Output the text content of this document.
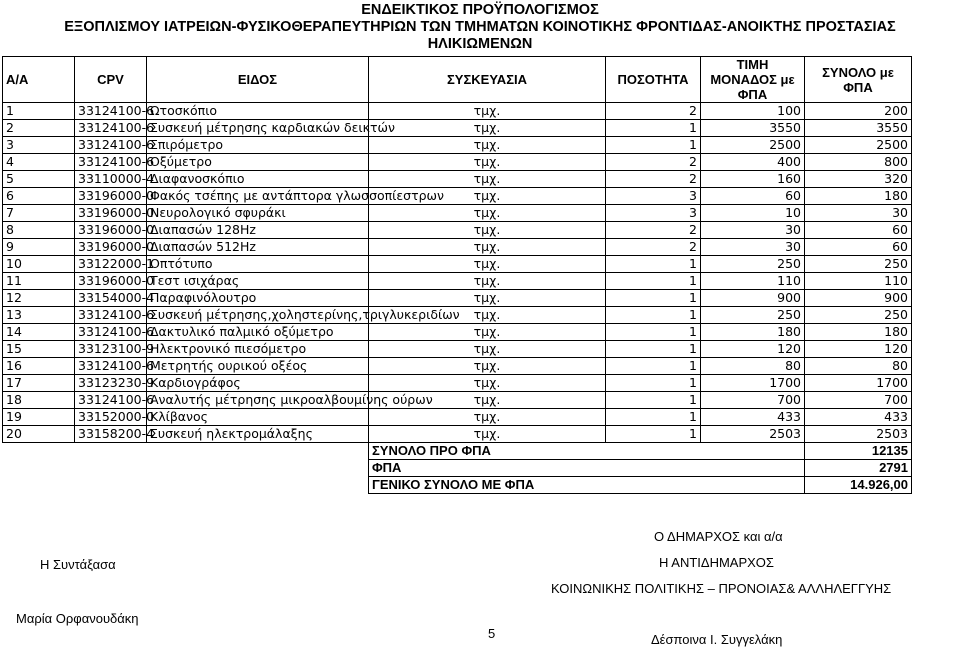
ΕΝΔΕΙΚΤΙΚΟΣ ΠΡΟΫΠΟΛΟΓΙΣΜΟΣ
ΕΞΟΠΛΙΣΜΟΥ ΙΑΤΡΕΙΩΝ-ΦΥΣΙΚΟΘΕΡΑΠΕΥΤΗΡΙΩΝ ΤΩΝ ΤΜΗΜΑΤΩΝ ΚΟΙΝΟΤΙΚΗΣ ΦΡΟΝΤΙΔΑΣ-ΑΝΟΙΚΤΗΣ ΠΡΟΣΤΑΣΙΑΣ
ΗΛΙΚΙΩΜΕΝΩΝ
Α/Α	CPV	ΕΙΔΟΣ	ΣΥΣΚΕΥΑΣΙΑ	ΠΟΣΟΤΗΤΑ	ΤΙΜΗ ΜΟΝΑΔΟΣ με ΦΠΑ	ΣΥΝΟΛΟ με ΦΠΑ
1	33124100-6	Ωτοσκόπιο	τμχ.	2	100	200
2	33124100-6	Συσκευή μέτρησης καρδιακών δεικτών	τμχ.	1	3550	3550
3	33124100-6	Σπιρόμετρο	τμχ.	1	2500	2500
4	33124100-6	Οξύμετρο	τμχ.	2	400	800
5	33110000-4	Διαφανοσκόπιο	τμχ.	2	160	320
6	33196000-0	Φακός τσέπης με αντάπτορα γλωσσοπίεστρων	τμχ.	3	60	180
7	33196000-0	Νευρολογικό σφυράκι	τμχ.	3	10	30
8	33196000-0	Διαπασών 128Hz	τμχ.	2	30	60
9	33196000-0	Διαπασών 512Hz	τμχ.	2	30	60
10	33122000-1	Οπτότυπο	τμχ.	1	250	250
11	33196000-0	Τεστ ισιχάρας	τμχ.	1	110	110
12	33154000-4	Παραφινόλουτρο	τμχ.	1	900	900
13	33124100-6	Συσκευή μέτρησης,χοληστερίνης,τριγλυκεριδίων	τμχ.	1	250	250
14	33124100-6	Δακτυλικό παλμικό οξύμετρο	τμχ.	1	180	180
15	33123100-9	Ηλεκτρονικό πιεσόμετρο	τμχ.	1	120	120
16	33124100-6	Μετρητής ουρικού οξέος	τμχ.	1	80	80
17	33123230-9	Καρδιογράφος	τμχ.	1	1700	1700
18	33124100-6	Αναλυτής μέτρησης μικροαλβουμίνης ούρων	τμχ.	1	700	700
19	33152000-0	Κλίβανος	τμχ.	1	433	433
20	33158200-4	Συσκευή ηλεκτρομάλαξης	τμχ.	1	2503	2503
			ΣΥΝΟΛΟ ΠΡΟ ΦΠΑ			12135
			ΦΠΑ			2791
			ΓΕΝΙΚΟ ΣΥΝΟΛΟ ΜΕ ΦΠΑ			14.926,00
Η Συντάξασα
Μαρία Ορφανουδάκη
5
Ο ΔΗΜΑΡΧΟΣ και α/α
Η ΑΝΤΙΔΗΜΑΡΧΟΣ
ΚΟΙΝΩΝΙΚΗΣ ΠΟΛΙΤΙΚΗΣ – ΠΡΟΝΟΙΑΣ& ΑΛΛΗΛΕΓΓΥΗΣ
Δέσποινα Ι. Συγγελάκη
